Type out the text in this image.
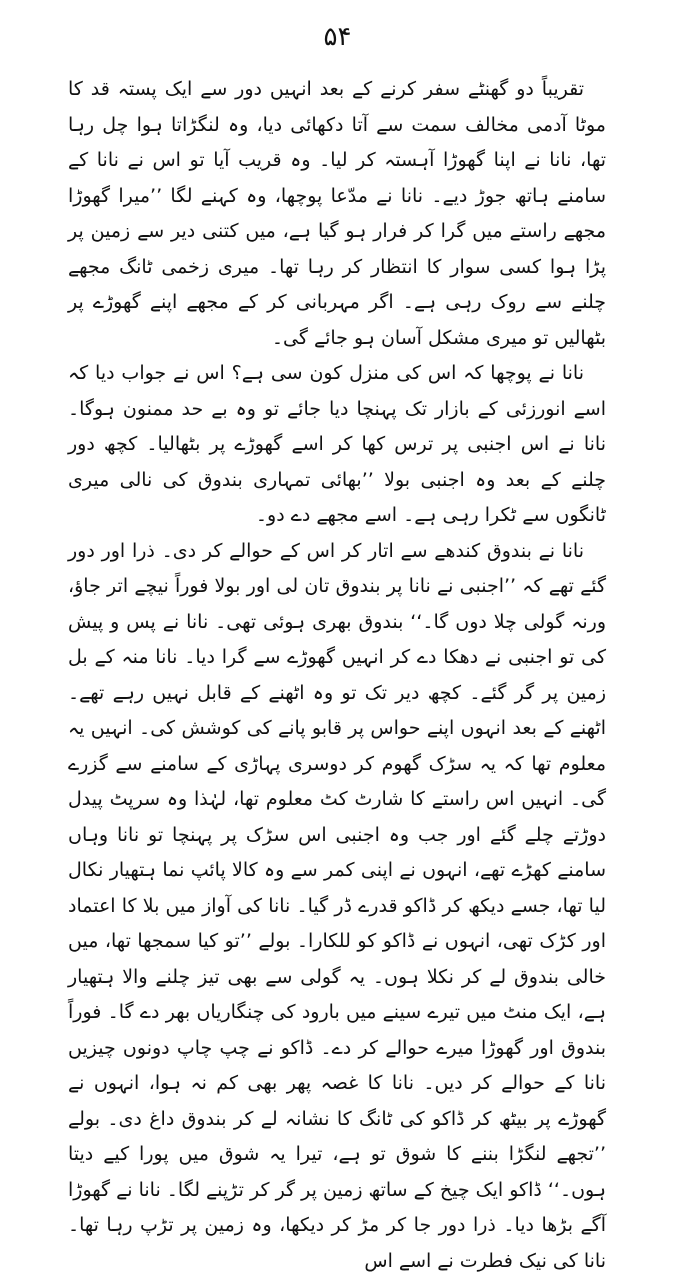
۵۴

تقریباً دو گھنٹے سفر کرنے کے بعد انہیں دور سے ایک پستہ قد کا موٹا آدمی مخالف سمت سے آتا دکھائی دیا، وہ لنگڑاتا ہوا چل رہا تھا، نانا نے اپنا گھوڑا آہستہ کر لیا۔ وہ قریب آیا تو اس نے نانا کے سامنے ہاتھ جوڑ دیے۔ نانا نے مدّعا پوچھا، وہ کہنے لگا ’’میرا گھوڑا مجھے راستے میں گرا کر فرار ہو گیا ہے، میں کتنی دیر سے زمین پر پڑا ہوا کسی سوار کا انتظار کر رہا تھا۔ میری زخمی ٹانگ مجھے چلنے سے روک رہی ہے۔ اگر مہربانی کر کے مجھے اپنے گھوڑے پر بٹھالیں تو میری مشکل آسان ہو جائے گی۔

نانا نے پوچھا کہ اس کی منزل کون سی ہے؟ اس نے جواب دیا کہ اسے انورزئی کے بازار تک پہنچا دیا جائے تو وہ بے حد ممنون ہوگا۔ نانا نے اس اجنبی پر ترس کھا کر اسے گھوڑے پر بٹھالیا۔ کچھ دور چلنے کے بعد وہ اجنبی بولا ’’بھائی تمہاری بندوق کی نالی میری ٹانگوں سے ٹکرا رہی ہے۔ اسے مجھے دے دو۔

نانا نے بندوق کندھے سے اتار کر اس کے حوالے کر دی۔ ذرا اور دور گئے تھے کہ ’’اجنبی نے نانا پر بندوق تان لی اور بولا فوراً نیچے اتر جاؤ، ورنہ گولی چلا دوں گا۔‘‘ بندوق بھری ہوئی تھی۔ نانا نے پس و پیش کی تو اجنبی نے دھکا دے کر انہیں گھوڑے سے گرا دیا۔ نانا منہ کے بل زمین پر گر گئے۔ کچھ دیر تک تو وہ اٹھنے کے قابل نہیں رہے تھے۔ اٹھنے کے بعد انہوں اپنے حواس پر قابو پانے کی کوشش کی۔ انہیں یہ معلوم تھا کہ یہ سڑک گھوم کر دوسری پہاڑی کے سامنے سے گزرے گی۔ انہیں اس راستے کا شارٹ کٹ معلوم تھا، لہٰذا وہ سرپٹ پیدل دوڑتے چلے گئے اور جب وہ اجنبی اس سڑک پر پہنچا تو نانا وہاں سامنے کھڑے تھے، انہوں نے اپنی کمر سے وہ کالا پائپ نما ہتھیار نکال لیا تھا، جسے دیکھ کر ڈاکو قدرے ڈر گیا۔ نانا کی آواز میں بلا کا اعتماد اور کڑک تھی، انہوں نے ڈاکو کو للکارا۔ بولے ’’تو کیا سمجھا تھا، میں خالی بندوق لے کر نکلا ہوں۔ یہ گولی سے بھی تیز چلنے والا ہتھیار ہے، ایک منٹ میں تیرے سینے میں بارود کی چنگاریاں بھر دے گا۔ فوراً بندوق اور گھوڑا میرے حوالے کر دے۔ ڈاکو نے چپ چاپ دونوں چیزیں نانا کے حوالے کر دیں۔ نانا کا غصہ پھر بھی کم نہ ہوا، انہوں نے گھوڑے پر بیٹھ کر ڈاکو کی ٹانگ کا نشانہ لے کر بندوق داغ دی۔ بولے ’’تجھے لنگڑا بننے کا شوق تو ہے، تیرا یہ شوق میں پورا کیے دیتا ہوں۔‘‘ ڈاکو ایک چیخ کے ساتھ زمین پر گر کر تڑپنے لگا۔ نانا نے گھوڑا آگے بڑھا دیا۔ ذرا دور جا کر مڑ کر دیکھا، وہ زمین پر تڑپ رہا تھا۔ نانا کی نیک فطرت نے اسے اس
